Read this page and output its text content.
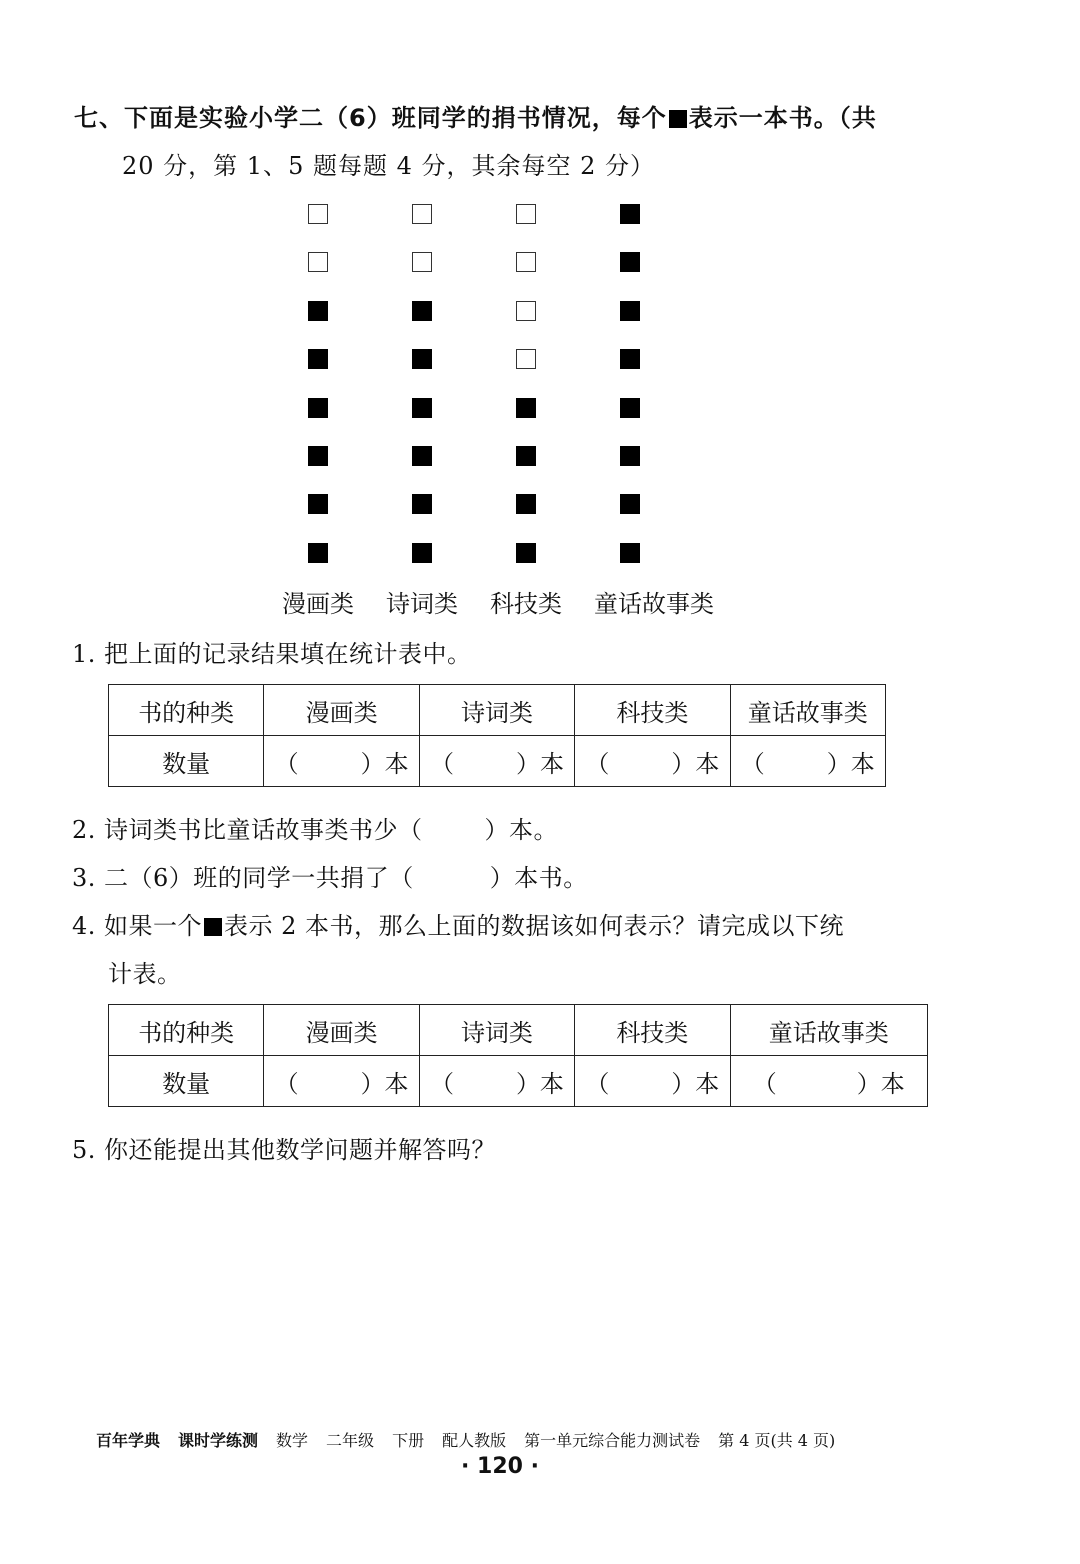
七、下面是实验小学二（6）班同学的捐书情况，每个 表示一本书。（共
20 分，第 1、5 题每题 4 分，其余每空 2 分）
漫画类	诗词类	科技类	童话故事类
1. 把上面的记录结果填在统计表中。
书的种类	漫画类	诗词类	科技类	童话故事类
数量	（ ）本	（ ）本	（ ）本	（ ）本
2. 诗词类书比童话故事类书少（	）本。
3. 二（6）班的同学一共捐了（	）本书。
4. 如果一个 表示 2 本书，那么上面的数据该如何表示？请完成以下统
计表。
书的种类	漫画类	诗词类	科技类	童话故事类
数量	（ ）本	（ ）本	（ ）本	（ ）本
5. 你还能提出其他数学问题并解答吗？
百年学典 课时学练测 数学 二年级 下册 配人教版 第一单元综合能力测试卷 第 4 页(共 4 页)
· 120 ·
